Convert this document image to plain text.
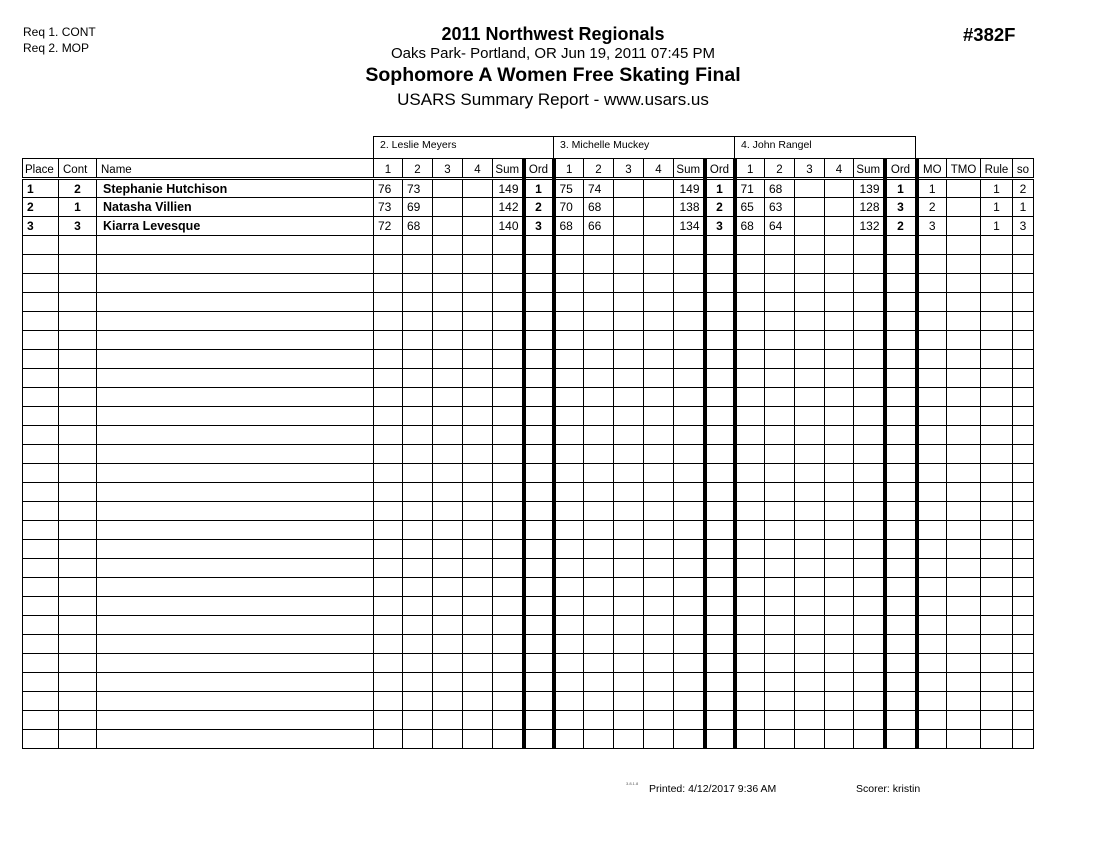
Req 1. CONT
Req 2. MOP
2011 Northwest Regionals
Oaks Park- Portland, OR Jun 19, 2011 07:45 PM
Sophomore A Women Free Skating Final
USARS Summary Report - www.usars.us
#382F
2. Leslie Meyers	3. Michelle Muckey	4. John Rangel
Place	Cont	Name	1	2	3	4	Sum	Ord	1	2	3	4	Sum	Ord	1	2	3	4	Sum	Ord	MO	TMO	Rule	so
1	2	Stephanie Hutchison	76	73			149	1	75	74			149	1	71	68			139	1	1		1	2
2	1	Natasha Villien	73	69			142	2	70	68			138	2	65	63			128	3	2		1	1
3	3	Kiarra Levesque	72	68			140	3	68	66			134	3	68	64			132	2	3		1	3

3.8.1.8 Printed: 4/12/2017 9:36 AM	Scorer: kristin
